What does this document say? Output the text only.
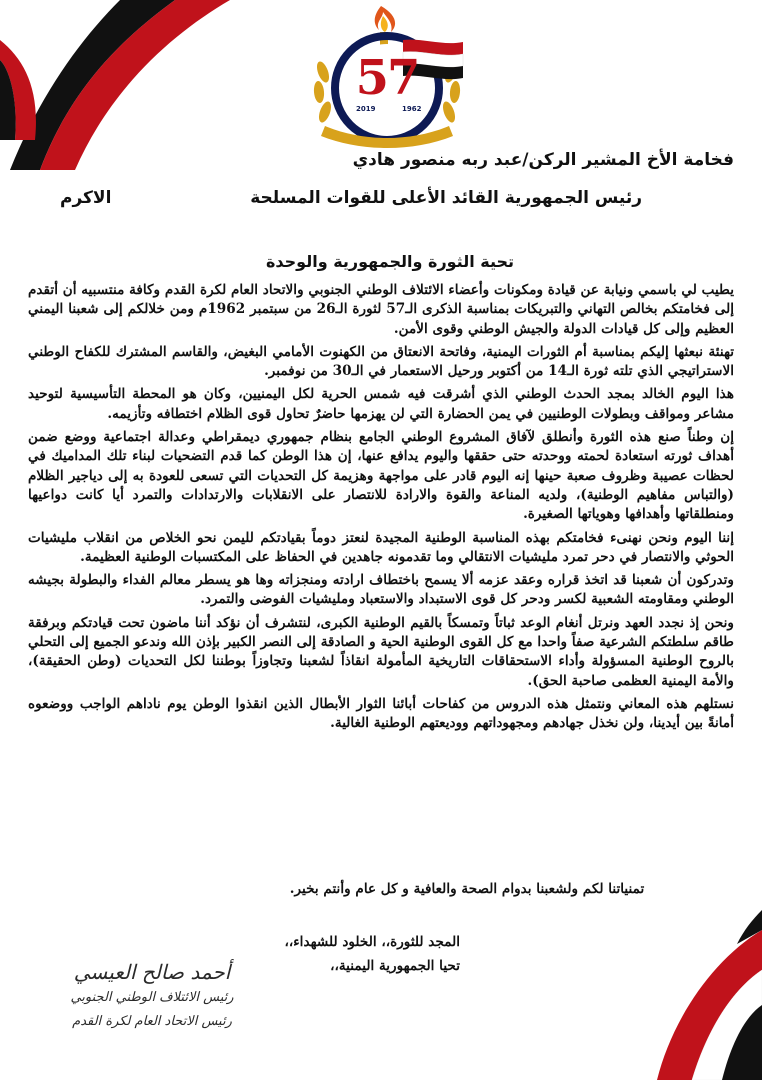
57
2019	1962
فخامة الأخ المشير الركن/عبد ربه منصور هادي
رئيس الجمهورية القائد الأعلى للقوات المسلحة
الاكرم
تحية الثورة والجمهورية والوحدة

يطيب لي باسمي ونيابة عن قيادة ومكونات وأعضاء الائتلاف الوطني الجنوبي والاتحاد العام لكرة القدم وكافة منتسبيه أن أتقدم إلى فخامتكم بخالص التهاني والتبريكات بمناسبة الذكرى الـ57 لثورة الـ26 من سبتمبر 1962م ومن خلالكم إلى شعبنا اليمني العظيم وإلى كل قيادات الدولة والجيش الوطني وقوى الأمن.

تهنئة نبعثها إليكم بمناسبة أم الثورات اليمنية، وفاتحة الانعتاق من الكهنوت الأمامي البغيض، والقاسم المشترك للكفاح الوطني الاستراتيجي الذي تلته ثورة الـ14 من أكتوبر ورحيل الاستعمار في الـ30 من نوفمبر.

هذا اليوم الخالد بمجد الحدث الوطني الذي أشرقت فيه شمس الحرية لكل اليمنيين، وكان هو المحطة التأسيسية لتوحيد مشاعر ومواقف وبطولات الوطنيين في يمن الحضارة التي لن يهزمها حاضرٌ تحاول قوى الظلام اختطافه وتأزيمه.

إن وطناً صنع هذه الثورة وأنطلق لآفاق المشروع الوطني الجامع بنظام جمهوري ديمقراطي وعدالة اجتماعية ووضع ضمن أهداف ثورته استعادة لحمته ووحدته حتى حققها واليوم يدافع عنها، إن هذا الوطن كما قدم التضحيات لبناء تلك المداميك في لحظات عصيبة وظروف صعبة حينها إنه اليوم قادر على مواجهة وهزيمة كل التحديات التي تسعى للعودة به إلى دياجير الظلام (والتباس مفاهيم الوطنية)، ولديه المناعة والقوة والارادة للانتصار على الانقلابات والارتدادات والتمرد أيا كانت دواعيها ومنطلقاتها وأهدافها وهوياتها الصغيرة.

إننا اليوم ونحن نهنىء فخامتكم بهذه المناسبة الوطنية المجيدة لنعتز دوماً بقيادتكم لليمن نحو الخلاص من انقلاب مليشيات الحوثي والانتصار في دحر تمرد مليشيات الانتقالي وما تقدمونه جاهدين في الحفاظ على المكتسبات الوطنية العظيمة.

وتدركون أن شعبنا قد اتخذ قراره وعقد عزمه ألا يسمح باختطاف ارادته ومنجزاته وها هو يسطر معالم الفداء والبطولة بجيشه الوطني ومقاومته الشعبية لكسر ودحر كل قوى الاستبداد والاستعباد ومليشيات الفوضى والتمرد.

ونحن إذ نجدد العهد ونرتل أنغام الوعد ثباتاً وتمسكاً بالقيم الوطنية الكبرى، لنتشرف أن نؤكد أننا ماضون تحت قيادتكم وبرفقة طاقم سلطتكم الشرعية صفاً واحدا مع كل القوى الوطنية الحية و الصادقة إلى النصر الكبير بإذن الله وندعو الجميع إلى التحلي بالروح الوطنية المسؤولة وأداء الاستحقاقات التاريخية المأمولة انقاذاً لشعبنا وتجاوزاً بوطننا لكل التحديات (وطن الحقيقة)، والأمة اليمنية العظمى صاحبة الحق).

نستلهم هذه المعاني ونتمثل هذه الدروس من كفاحات أبائنا الثوار الأبطال الذين انقذوا الوطن يوم ناداهم الواجب ووضعوه أمانةً بين أيدينا، ولن نخذل جهادهم ومجهوداتهم ووديعتهم الوطنية الغالية.

تمنياتنا لكم ولشعبنا بدوام الصحة والعافية و كل عام وأنتم بخير.
المجد للثورة،، الخلود للشهداء،،
تحيا الجمهورية اليمنية،،
أحمد صالح العيسي
رئيس الائتلاف الوطني الجنوبي
رئيس الاتحاد العام لكرة القدم
